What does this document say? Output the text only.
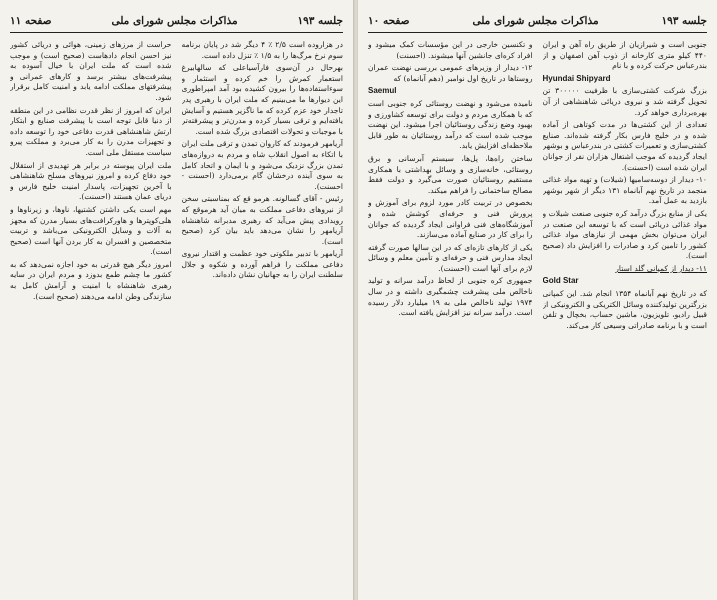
جلسه ۱۹۳
مذاکرات مجلس شورای ملی
صفحه ۱۱

در هزاروده است ۲/۵ ٪ ۴ دیگر شد در پایان برنامه سوم نرخ مرگ‌ها را به ۱/۵ ٪ تنزل داده است.

بهرحال در آن‌سوی فارآسیاعلی که سالهابیرغ استعمار کمرش را خم کرده و استثمار و سوءاستفاده‌ها را بیرون کشیده بود آمد امپراطوری این دیوارها ما می‌بینیم که ملت ایران با رهبری پدر تاجدار خود عزم کرده که ما ناگزیر هستیم و آسایش یافته‌ایم و ترقی بسیار کرده و مدرن‌تر و پیشرفته‌تر با موجبات و تحولات اقتصادی بزرگ شده است.

آریامهر فرمودند که کاروان تمدن و ترقی ملت ایران با اتکاء به اصول انقلاب شاه و مردم به دروازه‌های تمدن بزرگ نزدیک می‌شود و با ایمان و اتحاد کامل به سوی آینده درخشان گام برمی‌دارد (احسنت - احسنت).

رئیس - آقای گسالونه. هرمو قع که بمناسبتی سخن از نیروهای دفاعی مملکت به میان آید هرموقع که رویدادی پیش می‌آید که رهبری مدبرانه شاهنشاه آریامهر را نشان می‌دهد باید بیان کرد (صحیح است).

آریامهر با تدبیر ملکوتی خود عظمت و اقتدار نیروی دفاعی مملکت را فراهم آورده و شکوه و جلال سلطنت ایران را به جهانیان نشان داده‌اند.

حراست از مرزهای زمینی، هوائی و دریائی کشور نیز احسن انجام دادهاست (صحیح است) و موجب شده است که ملت ایران با خیال آسوده به پیشرفت‌های بیشتر برسد و کارهای عمرانی و پیشرفتهای مملکت ادامه یابد و امنیت کامل برقرار شود.

ایران که امروز از نظر قدرت نظامی در این منطقه از دنیا قابل توجه است با پیشرفت صنایع و ابتکار ارتش شاهنشاهی قدرت دفاعی خود را توسعه داده و تجهیزات مدرن را به کار می‌برد و مملکت پیرو سیاست مستقل ملی است.

ملت ایران پیوسته در برابر هر تهدیدی از استقلال خود دفاع کرده و امروز نیروهای مسلح شاهنشاهی با آخرین تجهیزات، پاسدار امنیت خلیج فارس و دریای عمان هستند (احسنت).

مهم است یکی داشتن کشتیها، ناوها، و زیرناوها و هلی‌کوپترها و هاورکرافت‌های بسیار مدرن که مجهز به آلات و وسایل الکترونیکی می‌باشد و تربیت متخصصین و افسران به کار بردن آنها است (صحیح است).

امروز دیگر هیچ قدرتی به خود اجازه نمی‌دهد که به کشور ما چشم طمع بدوزد و مردم ایران در سایه رهبری شاهنشاه با امنیت و آرامش کامل به سازندگی وطن ادامه می‌دهند (صحیح است).

جلسه ۱۹۳
مذاکرات مجلس شورای ملی
صفحه ۱۰

جنوبی است و شیرازیان از طریق راه آهن و ایران ۴۴۰ کیلو متری کارخانه از ذوب آهن اصفهان و از بندرعباس حرکت کرده و با نام

Hyundai Shipyard

بزرگ شرکت کشتی‌سازی با ظرفیت ۳۰۰۰۰۰ تن تحویل گرفته شد و نیروی دریائی شاهنشاهی از آن بهره‌برداری خواهد کرد.

تعدادی از این کشتی‌ها در مدت کوتاهی از آماده شده و در خلیج فارس بکار گرفته شده‌اند. صنایع کشتی‌سازی و تعمیرات کشتی در بندرعباس و بوشهر ایجاد گردیده که موجب اشتغال هزاران نفر از جوانان ایران شده است (احسنت).

۱۰- دیدار از دوسه‌سامیها (شیلات) و تهیه مواد غذائی منجمد در تاریخ نهم آبانماه ۱۳۱ دیگر از شهر بوشهر بازدید به عمل آمد.

یکی از منابع بزرگ درآمد کره جنوبی صنعت شیلات و مواد غذائی دریائی است که با توسعه این صنعت در ایران می‌توان بخش مهمی از نیازهای مواد غذائی کشور را تامین کرد و صادرات را افزایش داد (صحیح است).

۱۱- دیدار از کمپانی گلد استار

Gold Star

که در تاریخ نهم آبانماه ۱۳۵۴ انجام شد. این کمپانی بزرگترین تولیدکننده وسائل الکتریکی و الکترونیکی از قبیل رادیو، تلویزیون، ماشین حساب، بخچال و تلفن است و با برنامه صادراتی وسیعی کار می‌کند.

و تکنسین خارجی در این مؤسسات کمک میشود و افراد کره‌ای جانشین آنها میشوند. (احسنت)

۱۲- دیدار از وزیرهای عمومی بررسی نهضت عمران روستاها در تاریخ اول نوامبر (دهم آبانماه) که

Saemul

نامیده می‌شود و نهضت روستائی کره جنوبی است که با همکاری مردم و دولت برای توسعه کشاورزی و بهبود وضع زندگی روستائیان اجرا میشود. این نهضت موجب شده است که درآمد روستائیان به طور قابل ملاحظه‌ای افزایش یابد.

ساختن راه‌ها، پل‌ها، سیستم آبرسانی و برق روستائی، خانه‌سازی و وسائل بهداشتی با همکاری مستقیم روستائیان صورت می‌گیرد و دولت فقط مصالح ساختمانی را فراهم میکند.

بخصوص در تربیت کادر مورد لزوم برای آموزش و پرورش فنی و حرفه‌ای کوشش شده و آموزشگاه‌های فنی فراوانی ایجاد گردیده که جوانان را برای کار در صنایع آماده می‌سازند.

یکی از کارهای تازه‌ای که در این سالها صورت گرفته ایجاد مدارس فنی و حرفه‌ای و تأمین معلم و وسائل لازم برای آنها است (احسنت).

جمهوری کره جنوبی از لحاظ درآمد سرانه و تولید ناخالص ملی پیشرفت چشمگیری داشته و در سال ۱۹۷۴ تولید ناخالص ملی به ۱۹ میلیارد دلار رسیده است. درآمد سرانه نیز افزایش یافته است.
